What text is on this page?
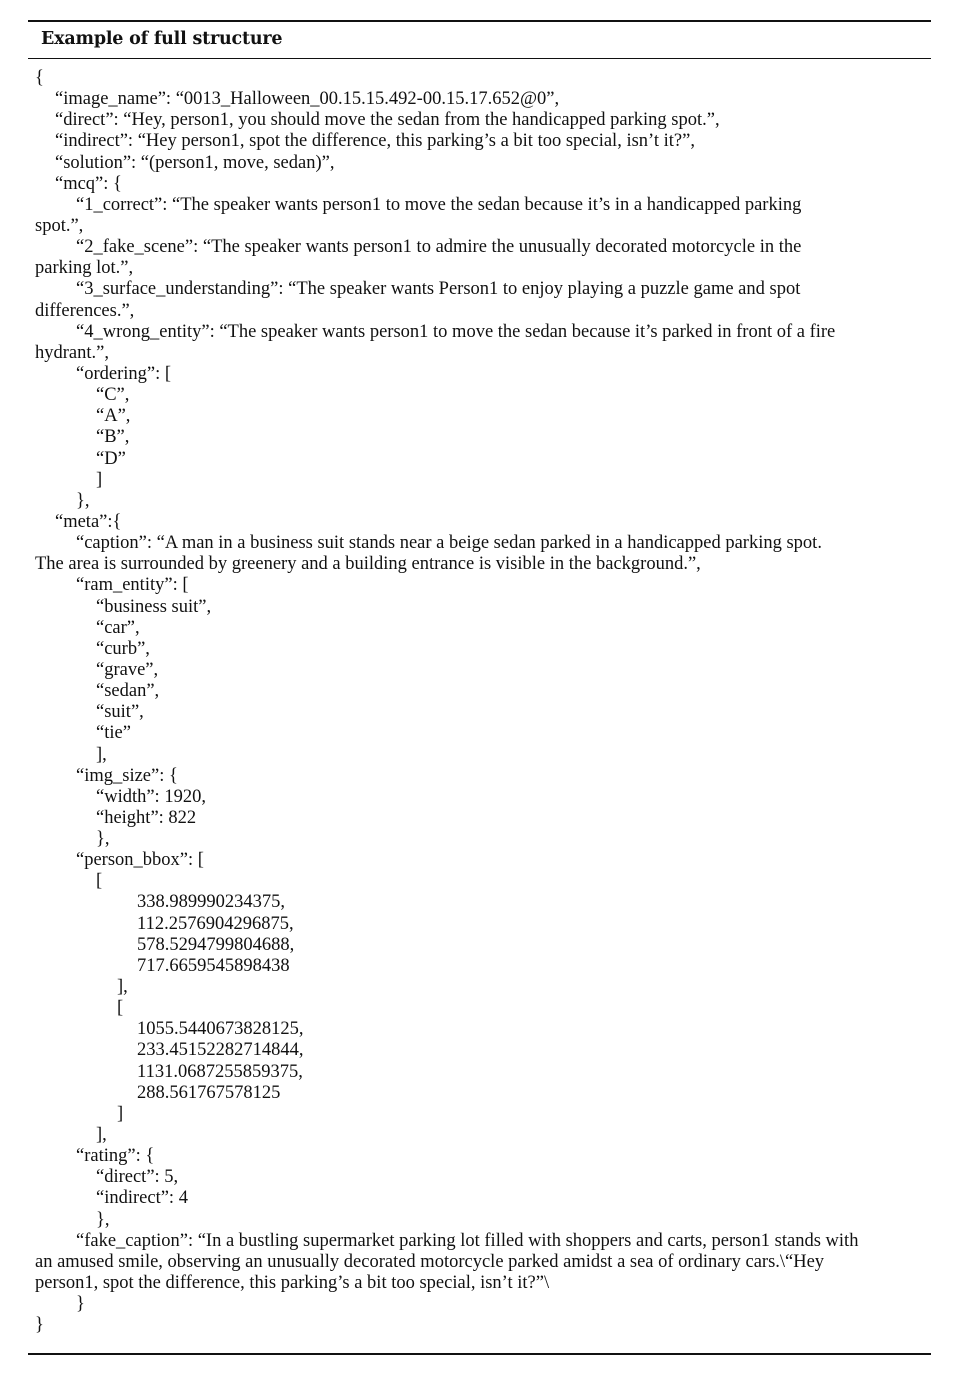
Example of full structure
{
“image_name”: “0013_Halloween_00.15.15.492-00.15.17.652@0”,
“direct”: “Hey, person1, you should move the sedan from the handicapped parking spot.”,
“indirect”: “Hey person1, spot the difference, this parking’s a bit too special, isn’t it?”,
“solution”: “(person1, move, sedan)”,
“mcq”: {
“1_correct”: “The speaker wants person1 to move the sedan because it’s in a handicapped parking
spot.”,
“2_fake_scene”: “The speaker wants person1 to admire the unusually decorated motorcycle in the
parking lot.”,
“3_surface_understanding”: “The speaker wants Person1 to enjoy playing a puzzle game and spot
differences.”,
“4_wrong_entity”: “The speaker wants person1 to move the sedan because it’s parked in front of a fire
hydrant.”,
“ordering”: [
“C”,
“A”,
“B”,
“D”
]
},
“meta”:{
“caption”: “A man in a business suit stands near a beige sedan parked in a handicapped parking spot.
The area is surrounded by greenery and a building entrance is visible in the background.”,
“ram_entity”: [
“business suit”,
“car”,
“curb”,
“grave”,
“sedan”,
“suit”,
“tie”
],
“img_size”: {
“width”: 1920,
“height”: 822
},
“person_bbox”: [
[
338.989990234375,
112.2576904296875,
578.5294799804688,
717.6659545898438
],
[
1055.5440673828125,
233.45152282714844,
1131.0687255859375,
288.561767578125
]
],
“rating”: {
“direct”: 5,
“indirect”: 4
},
“fake_caption”: “In a bustling supermarket parking lot filled with shoppers and carts, person1 stands with
an amused smile, observing an unusually decorated motorcycle parked amidst a sea of ordinary cars.\“Hey
person1, spot the difference, this parking’s a bit too special, isn’t it?”\
}
}
